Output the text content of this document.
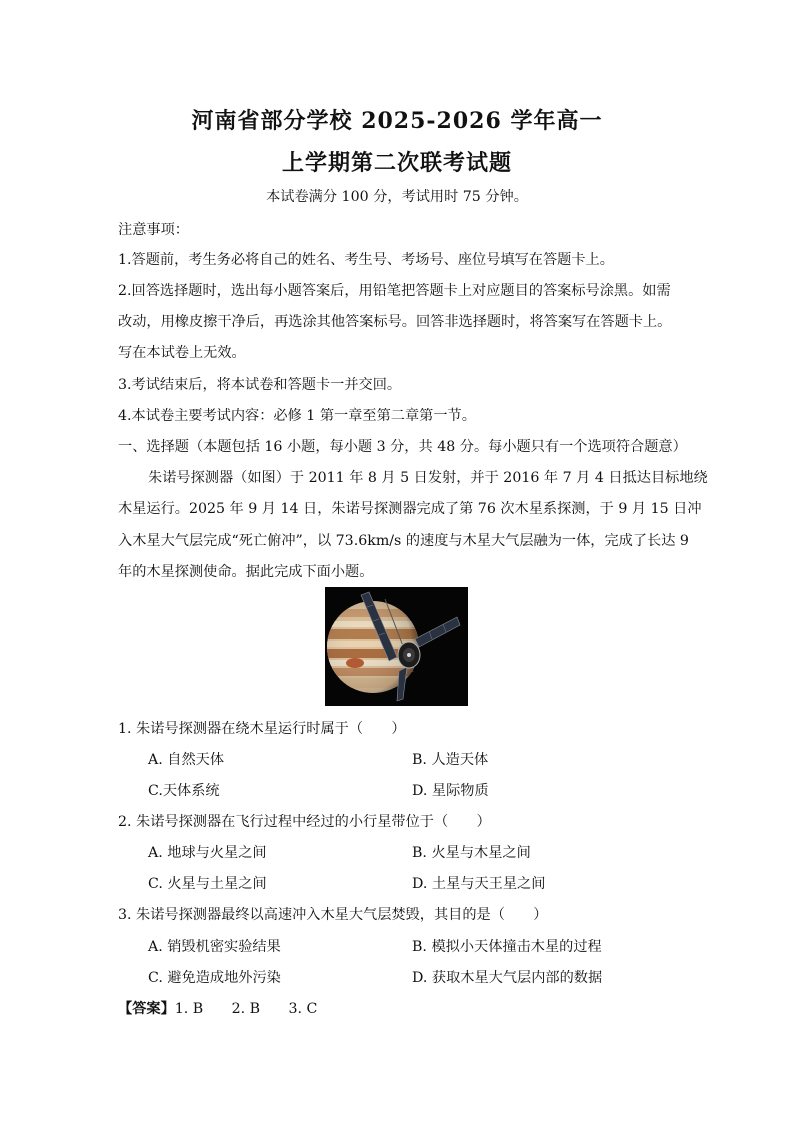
河南省部分学校 2025-2026 学年高一
上学期第二次联考试题
本试卷满分 100 分，考试用时 75 分钟。
注意事项：
1.答题前，考生务必将自己的姓名、考生号、考场号、座位号填写在答题卡上。
2.回答选择题时，选出每小题答案后，用铅笔把答题卡上对应题目的答案标号涂黑。如需
改动，用橡皮擦干净后，再选涂其他答案标号。回答非选择题时，将答案写在答题卡上。
写在本试卷上无效。
3.考试结束后，将本试卷和答题卡一并交回。
4.本试卷主要考试内容：必修 1 第一章至第二章第一节。
一、选择题（本题包括 16 小题，每小题 3 分，共 48 分。每小题只有一个选项符合题意）
朱诺号探测器（如图）于 2011 年 8 月 5 日发射，并于 2016 年 7 月 4 日抵达目标地绕
木星运行。2025 年 9 月 14 日，朱诺号探测器完成了第 76 次木星系探测，于 9 月 15 日冲
入木星大气层完成“死亡俯冲”，以 73.6km/s 的速度与木星大气层融为一体，完成了长达 9
年的木星探测使命。据此完成下面小题。
1. 朱诺号探测器在绕木星运行时属于（　　）
A. 自然天体	B. 人造天体
C.天体系统	D. 星际物质
2. 朱诺号探测器在飞行过程中经过的小行星带位于（　　）
A. 地球与火星之间	B. 火星与木星之间
C. 火星与土星之间	D. 土星与天王星之间
3. 朱诺号探测器最终以高速冲入木星大气层焚毁，其目的是（　　）
A. 销毁机密实验结果	B. 模拟小天体撞击木星的过程
C. 避免造成地外污染	D. 获取木星大气层内部的数据
【答案】1. B　　2. B　　3. C
